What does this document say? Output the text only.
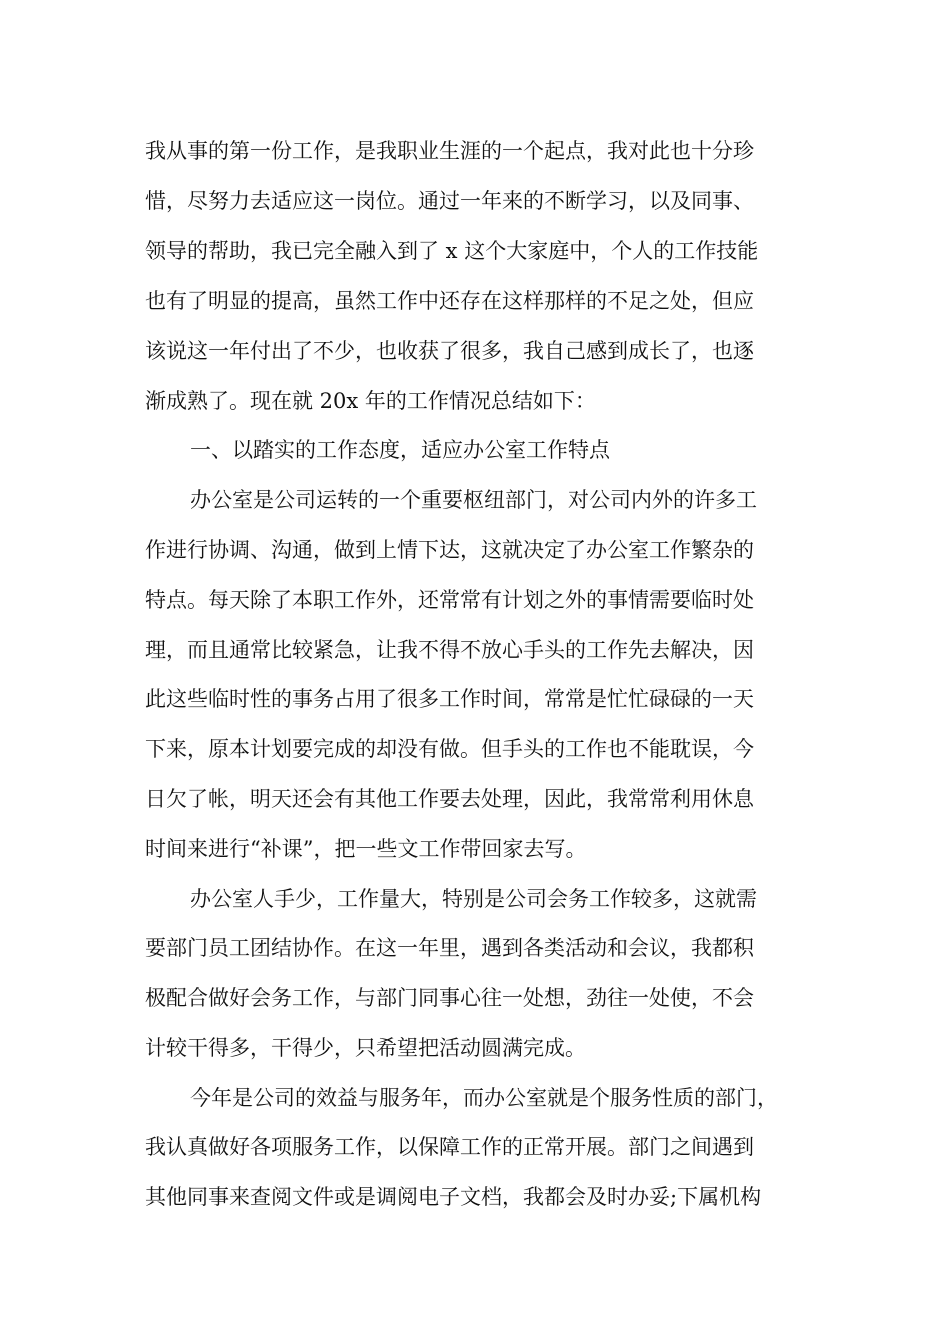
我从事的第一份工作，是我职业生涯的一个起点，我对此也十分珍
惜，尽努力去适应这一岗位。通过一年来的不断学习，以及同事、
领导的帮助，我已完全融入到了 x 这个大家庭中，个人的工作技能
也有了明显的提高，虽然工作中还存在这样那样的不足之处，但应
该说这一年付出了不少，也收获了很多，我自己感到成长了，也逐
渐成熟了。现在就 20x 年的工作情况总结如下：
一、以踏实的工作态度，适应办公室工作特点
办公室是公司运转的一个重要枢纽部门，对公司内外的许多工
作进行协调、沟通，做到上情下达，这就决定了办公室工作繁杂的
特点。每天除了本职工作外，还常常有计划之外的事情需要临时处
理，而且通常比较紧急，让我不得不放心手头的工作先去解决，因
此这些临时性的事务占用了很多工作时间，常常是忙忙碌碌的一天
下来，原本计划要完成的却没有做。但手头的工作也不能耽误，今
日欠了帐，明天还会有其他工作要去处理，因此，我常常利用休息
时间来进行“补课”，把一些文工作带回家去写。
办公室人手少，工作量大，特别是公司会务工作较多，这就需
要部门员工团结协作。在这一年里，遇到各类活动和会议，我都积
极配合做好会务工作，与部门同事心往一处想，劲往一处使，不会
计较干得多，干得少，只希望把活动圆满完成。
今年是公司的效益与服务年，而办公室就是个服务性质的部门，
我认真做好各项服务工作，以保障工作的正常开展。部门之间遇到
其他同事来查阅文件或是调阅电子文档，我都会及时办妥;下属机构
